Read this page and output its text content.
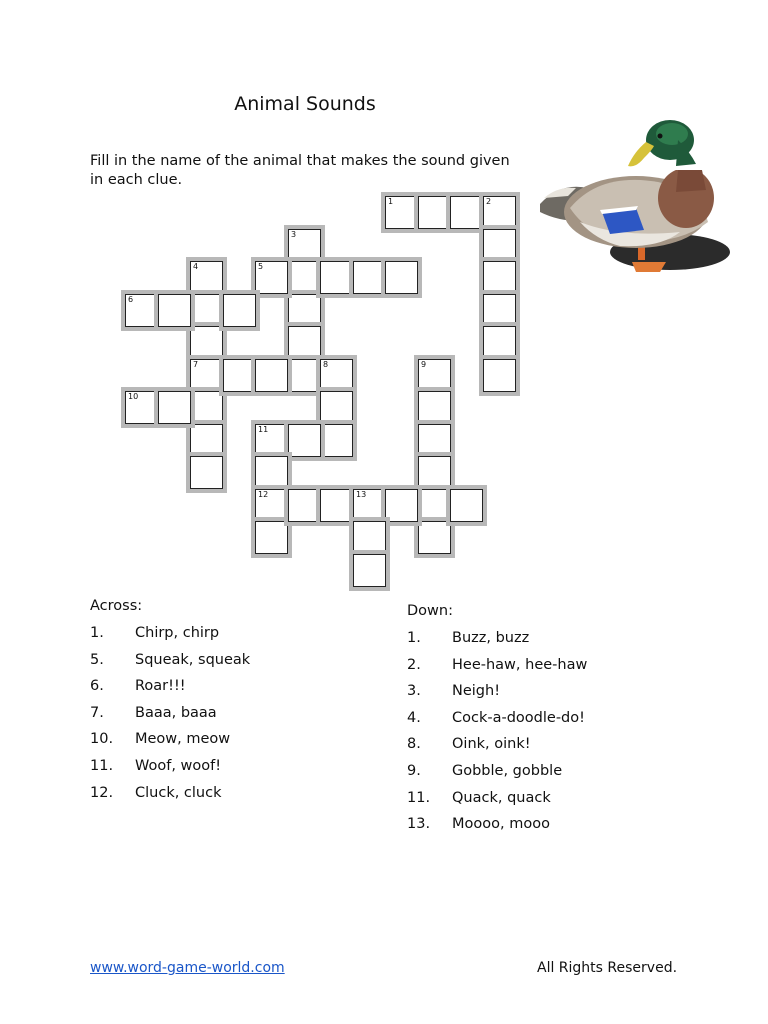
Animal Sounds
Fill in the name of the animal that makes the sound given in each clue.
1	2
3
4
7
5
6
8	9
10
11
12	13
Across:
1. Chirp, chirp
5. Squeak, squeak
6. Roar!!!
7. Baaa, baaa
10. Meow, meow
11. Woof, woof!
12. Cluck, cluck
Down:
1. Buzz, buzz
2. Hee-haw, hee-haw
3. Neigh!
4. Cock-a-doodle-do!
8. Oink, oink!
9. Gobble, gobble
11. Quack, quack
13. Moooo, mooo
www.word-game-world.com	All Rights Reserved.
